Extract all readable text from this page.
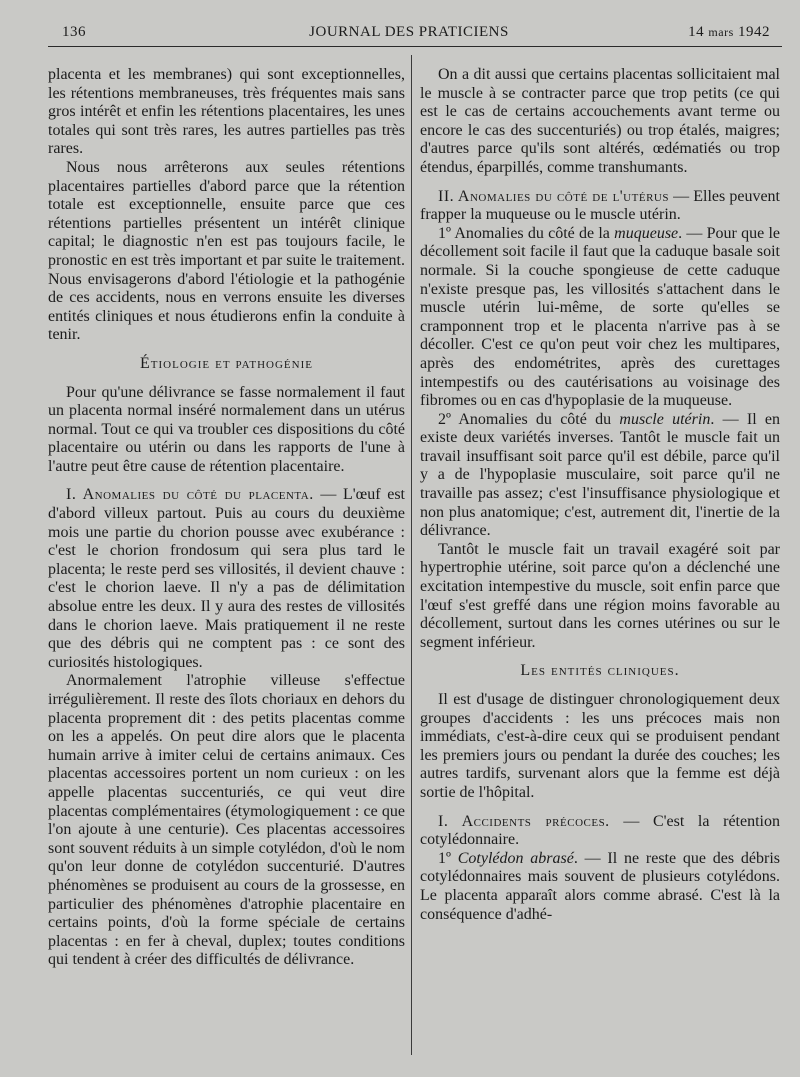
136	JOURNAL DES PRATICIENS	14 mars 1942

placenta et les membranes) qui sont exceptionnelles, les rétentions membraneuses, très fréquentes mais sans gros intérêt et enfin les rétentions placentaires, les unes totales qui sont très rares, les autres partielles pas très rares.

Nous nous arrêterons aux seules rétentions placentaires partielles d'abord parce que la rétention totale est exceptionnelle, ensuite parce que ces rétentions partielles présentent un intérêt clinique capital; le diagnostic n'en est pas toujours facile, le pronostic en est très important et par suite le traitement. Nous envisagerons d'abord l'étiologie et la pathogénie de ces accidents, nous en verrons ensuite les diverses entités cliniques et nous étudierons enfin la conduite à tenir.

Étiologie et pathogénie

Pour qu'une délivrance se fasse normalement il faut un placenta normal inséré normalement dans un utérus normal. Tout ce qui va troubler ces dispositions du côté placentaire ou utérin ou dans les rapports de l'une à l'autre peut être cause de rétention placentaire.

I. Anomalies du côté du placenta. — L'œuf est d'abord villeux partout. Puis au cours du deuxième mois une partie du chorion pousse avec exubérance : c'est le chorion frondosum qui sera plus tard le placenta; le reste perd ses villosités, il devient chauve : c'est le chorion laeve. Il n'y a pas de délimitation absolue entre les deux. Il y aura des restes de villosités dans le chorion laeve. Mais pratiquement il ne reste que des débris qui ne comptent pas : ce sont des curiosités histologiques.

Anormalement l'atrophie villeuse s'effectue irrégulièrement. Il reste des îlots choriaux en dehors du placenta proprement dit : des petits placentas comme on les a appelés. On peut dire alors que le placenta humain arrive à imiter celui de certains animaux. Ces placentas accessoires portent un nom curieux : on les appelle placentas succenturiés, ce qui veut dire placentas complémentaires (étymologiquement : ce que l'on ajoute à une centurie). Ces placentas accessoires sont souvent réduits à un simple cotylédon, d'où le nom qu'on leur donne de cotylédon succenturié. D'autres phénomènes se produisent au cours de la grossesse, en particulier des phénomènes d'atrophie placentaire en certains points, d'où la forme spéciale de certains placentas : en fer à cheval, duplex; toutes conditions qui tendent à créer des difficultés de délivrance.

On a dit aussi que certains placentas sollicitaient mal le muscle à se contracter parce que trop petits (ce qui est le cas de certains accouchements avant terme ou encore le cas des succenturiés) ou trop étalés, maigres; d'autres parce qu'ils sont altérés, œdématiés ou trop étendus, éparpillés, comme transhumants.

II. Anomalies du côté de l'utérus — Elles peuvent frapper la muqueuse ou le muscle utérin.

1º Anomalies du côté de la muqueuse. — Pour que le décollement soit facile il faut que la caduque basale soit normale. Si la couche spongieuse de cette caduque n'existe presque pas, les villosités s'attachent dans le muscle utérin lui-même, de sorte qu'elles se cramponnent trop et le placenta n'arrive pas à se décoller. C'est ce qu'on peut voir chez les multipares, après des endométrites, après des curettages intempestifs ou des cautérisations au voisinage des fibromes ou en cas d'hypoplasie de la muqueuse.

2º Anomalies du côté du muscle utérin. — Il en existe deux variétés inverses. Tantôt le muscle fait un travail insuffisant soit parce qu'il est débile, parce qu'il y a de l'hypoplasie musculaire, soit parce qu'il ne travaille pas assez; c'est l'insuffisance physiologique et non plus anatomique; c'est, autrement dit, l'inertie de la délivrance.

Tantôt le muscle fait un travail exagéré soit par hypertrophie utérine, soit parce qu'on a déclenché une excitation intempestive du muscle, soit enfin parce que l'œuf s'est greffé dans une région moins favorable au décollement, surtout dans les cornes utérines ou sur le segment inférieur.

Les entités cliniques.

Il est d'usage de distinguer chronologiquement deux groupes d'accidents : les uns précoces mais non immédiats, c'est-à-dire ceux qui se produisent pendant les premiers jours ou pendant la durée des couches; les autres tardifs, survenant alors que la femme est déjà sortie de l'hôpital.

I. Accidents précoces. — C'est la rétention cotylédonnaire.

1º Cotylédon abrasé. — Il ne reste que des débris cotylédonnaires mais souvent de plusieurs cotylédons. Le placenta apparaît alors comme abrasé. C'est là la conséquence d'adhé-
